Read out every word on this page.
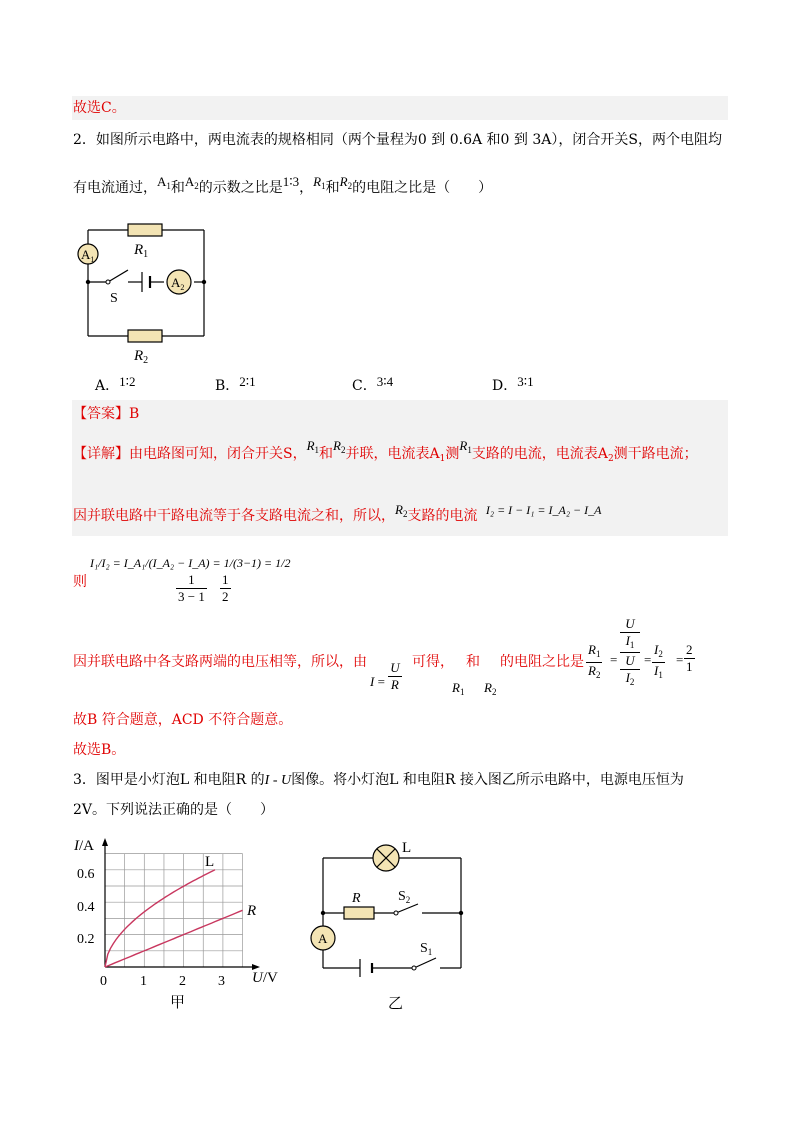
故选C。
2．如图所示电路中，两电流表的规格相同（两个量程为0 到 0.6A 和0 到 3A），闭合开关S，两个电阻均
有电流通过，$A_1$和$A_2$的示数之比是1∶3，$R_1$和$R_2$的电阻之比是（　　）
$A_1$
$A_2$
$R_1$
$R_2$
S
A．1∶2	B．2∶1	C．3∶4	D．3∶1
【答案】B
【详解】由电路图可知，闭合开关S，$R_1$和$R_2$并联，电流表$A_1$测$R_1$支路的电流，电流表$A_2$测干路电流；
因并联电路中干路电流等于各支路电流之和，所以，$R_2$支路的电流 I₂ = I − I₁ = I_A₂ − I_A
则
I₁/I₂ = I_A₁/(I_A₂ − I_A) = 1/(3−1) = 1/2
$\frac{1}{3 - 1} \frac{1}{2}$
因并联电路中各支路两端的电压相等，所以，由
$I = \frac{U}{R}$ 可得， 和 的电阻之比是
$R_1$ $R_2$
$\frac{R_1}{R_2}$ =
U
$I_1$
U
$I_2$
= $\frac{I_2}{I_1} = \frac{2}{1}$
故B 符合题意，ACD 不符合题意。
故选B。
3．图甲是小灯泡L 和电阻R 的I - U图像。将小灯泡L 和电阻R 接入图乙所示电路中，电源电压恒为
2V。下列说法正确的是（　　）
I/A
U/V
0.6
0.4
0.2
0 1 2 3
L
R
甲
L
R
A
$S_2$
$S_1$
乙
